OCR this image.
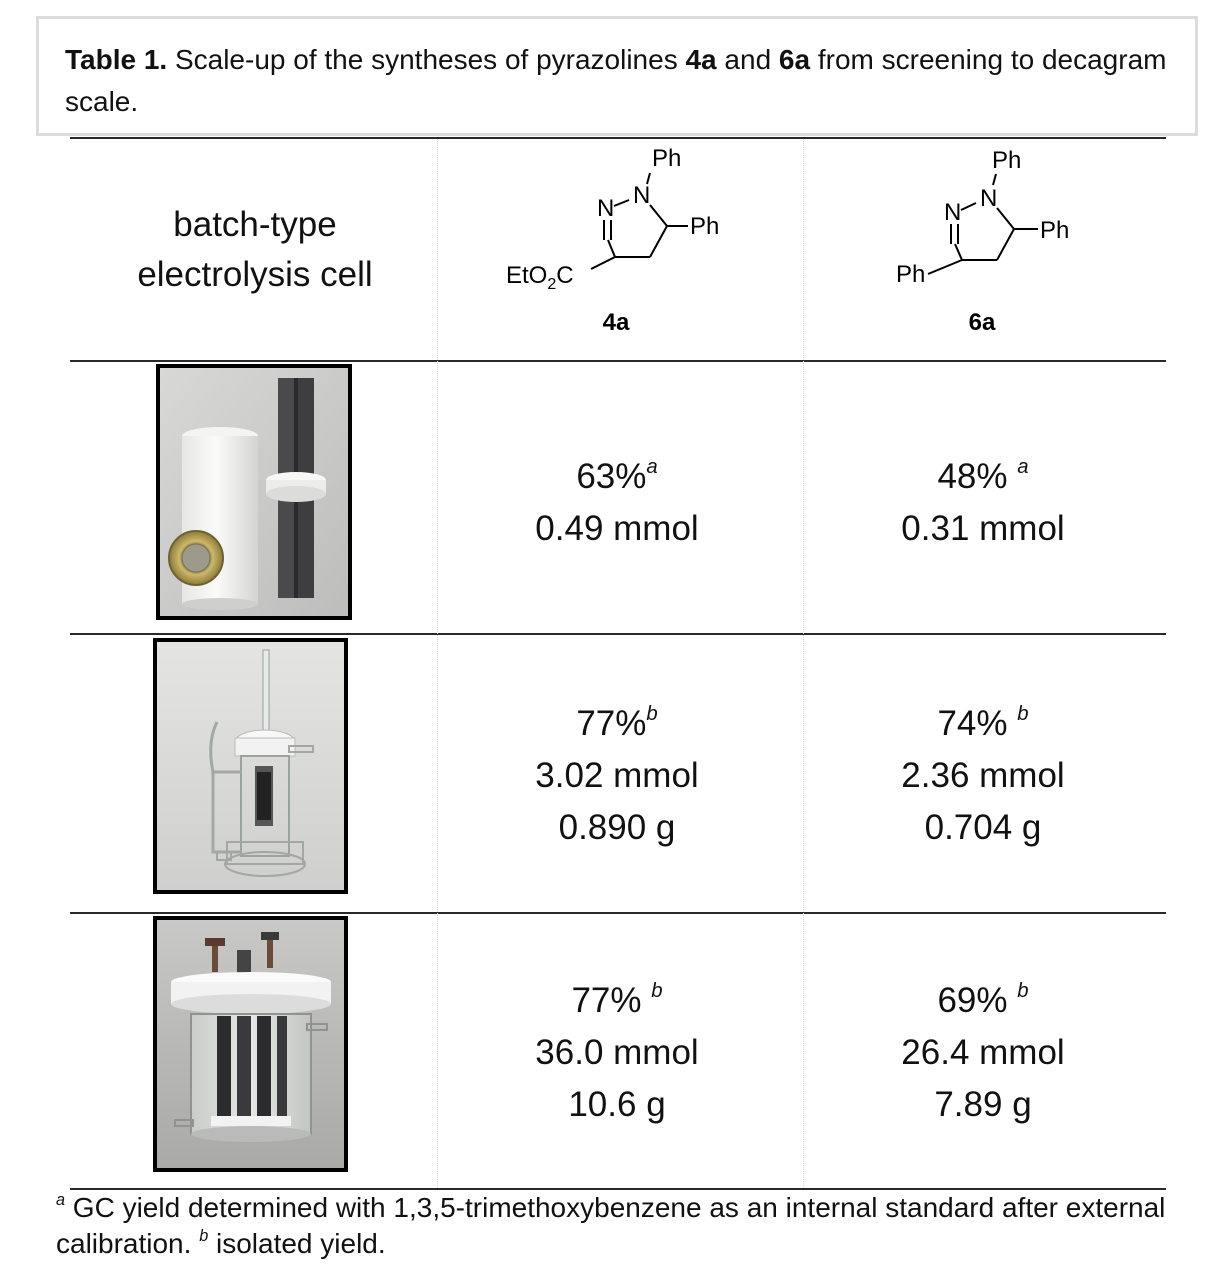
Table 1. Scale-up of the syntheses of pyrazolines 4a and 6a from screening to decagram scale.
batch-type
electrolysis cell
Ph
N
N
Ph
EtO$_2$C
4a
Ph
N
N
Ph
Ph
6a
63%$^a$
0.49 mmol
48% $^a$
0.31 mmol
77%$^b$
3.02 mmol
0.890 g
74% $^b$
2.36 mmol
0.704 g
77% $^b$
36.0 mmol
10.6 g
69% $^b$
26.4 mmol
7.89 g
$^a$ GC yield determined with 1,3,5-trimethoxybenzene as an internal standard after external calibration. $^b$ isolated yield.
